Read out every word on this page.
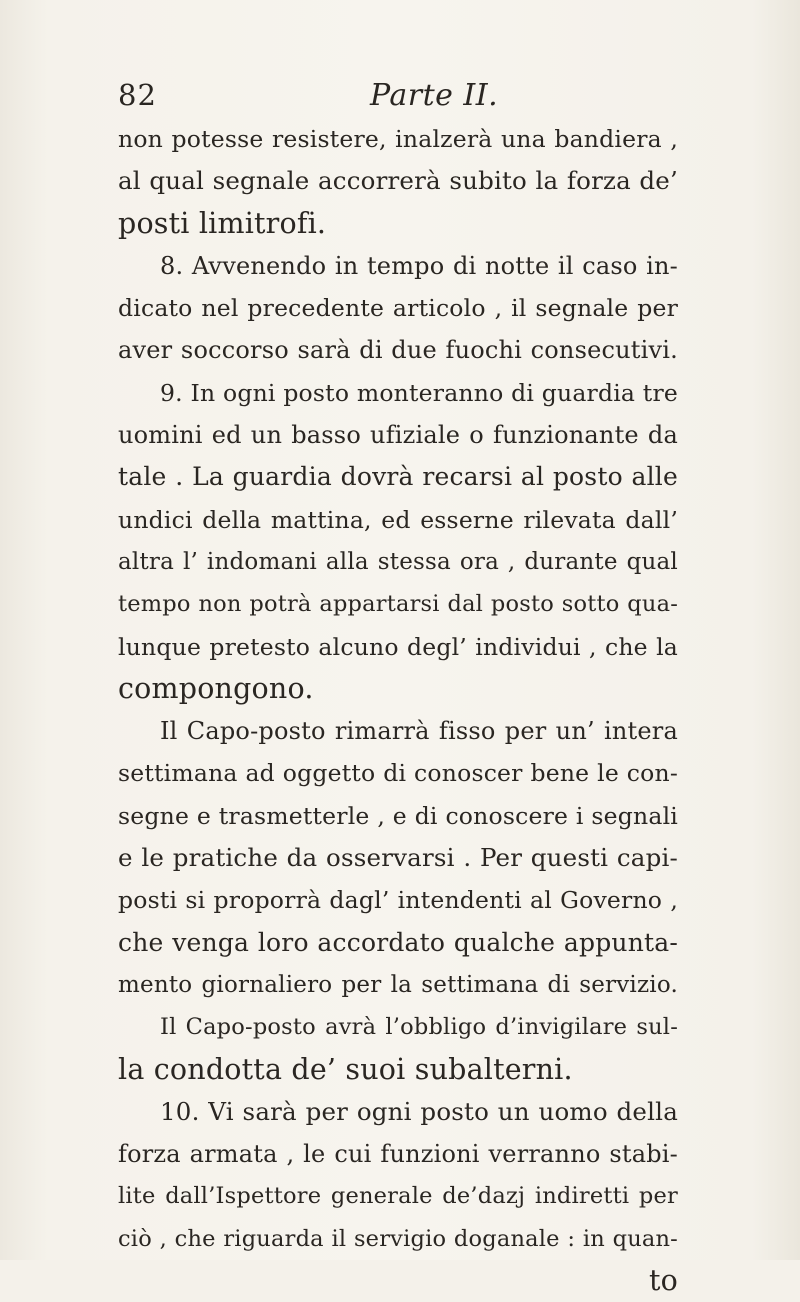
82	Parte II.
non potesse resistere, inalzerà una bandiera ,
al qual segnale accorrerà subito la forza de’
posti limitrofi.
8. Avvenendo in tempo di notte il caso in-
dicato nel precedente articolo , il segnale per
aver soccorso sarà di due fuochi consecutivi.
9. In ogni posto monteranno di guardia tre
uomini ed un basso ufiziale o funzionante da
tale . La guardia dovrà recarsi al posto alle
undici della mattina, ed esserne rilevata dall’
altra l’ indomani alla stessa ora , durante qual
tempo non potrà appartarsi dal posto sotto qua-
lunque pretesto alcuno degl’ individui , che la
compongono.
Il Capo-posto rimarrà fisso per un’ intera
settimana ad oggetto di conoscer bene le con-
segne e trasmetterle , e di conoscere i segnali
e le pratiche da osservarsi . Per questi capi-
posti si proporrà dagl’ intendenti al Governo ,
che venga loro accordato qualche appunta-
mento giornaliero per la settimana di servizio.
Il Capo-posto avrà l’obbligo d’invigilare sul-
la condotta de’ suoi subalterni.
10. Vi sarà per ogni posto un uomo della
forza armata , le cui funzioni verranno stabi-
lite dall’Ispettore generale de’dazj indiretti per
ciò , che riguarda il servigio doganale : in quan-
to
